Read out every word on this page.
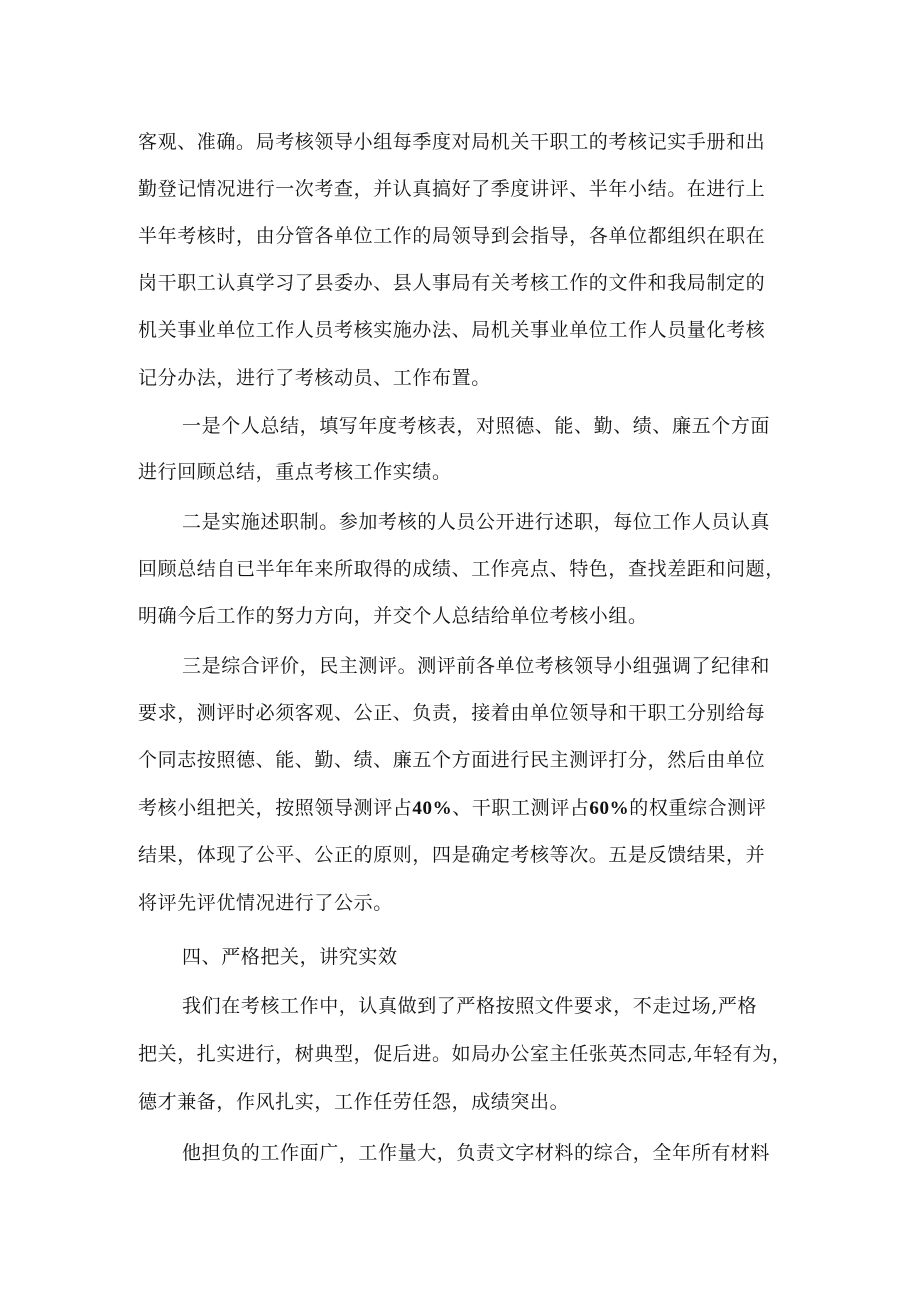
客观、准确。局考核领导小组每季度对局机关干职工的考核记实手册和出
勤登记情况进行一次考查，并认真搞好了季度讲评、半年小结。在进行上
半年考核时，由分管各单位工作的局领导到会指导，各单位都组织在职在
岗干职工认真学习了县委办、县人事局有关考核工作的文件和我局制定的
机关事业单位工作人员考核实施办法、局机关事业单位工作人员量化考核
记分办法，进行了考核动员、工作布置。
一是个人总结，填写年度考核表，对照德、能、勤、绩、廉五个方面
进行回顾总结，重点考核工作实绩。
二是实施述职制。参加考核的人员公开进行述职，每位工作人员认真
回顾总结自已半年年来所取得的成绩、工作亮点、特色，查找差距和问题，
明确今后工作的努力方向，并交个人总结给单位考核小组。
三是综合评价，民主测评。测评前各单位考核领导小组强调了纪律和
要求，测评时必须客观、公正、负责，接着由单位领导和干职工分别给每
个同志按照德、能、勤、绩、廉五个方面进行民主测评打分，然后由单位
考核小组把关，按照领导测评占40%、干职工测评占60%的权重综合测评
结果，体现了公平、公正的原则，四是确定考核等次。五是反馈结果，并
将评先评优情况进行了公示。
四、严格把关，讲究实效
我们在考核工作中，认真做到了严格按照文件要求，不走过场,严格
把关，扎实进行，树典型，促后进。如局办公室主任张英杰同志,年轻有为，
德才兼备，作风扎实，工作任劳任怨，成绩突出。
他担负的工作面广，工作量大，负责文字材料的综合，全年所有材料
